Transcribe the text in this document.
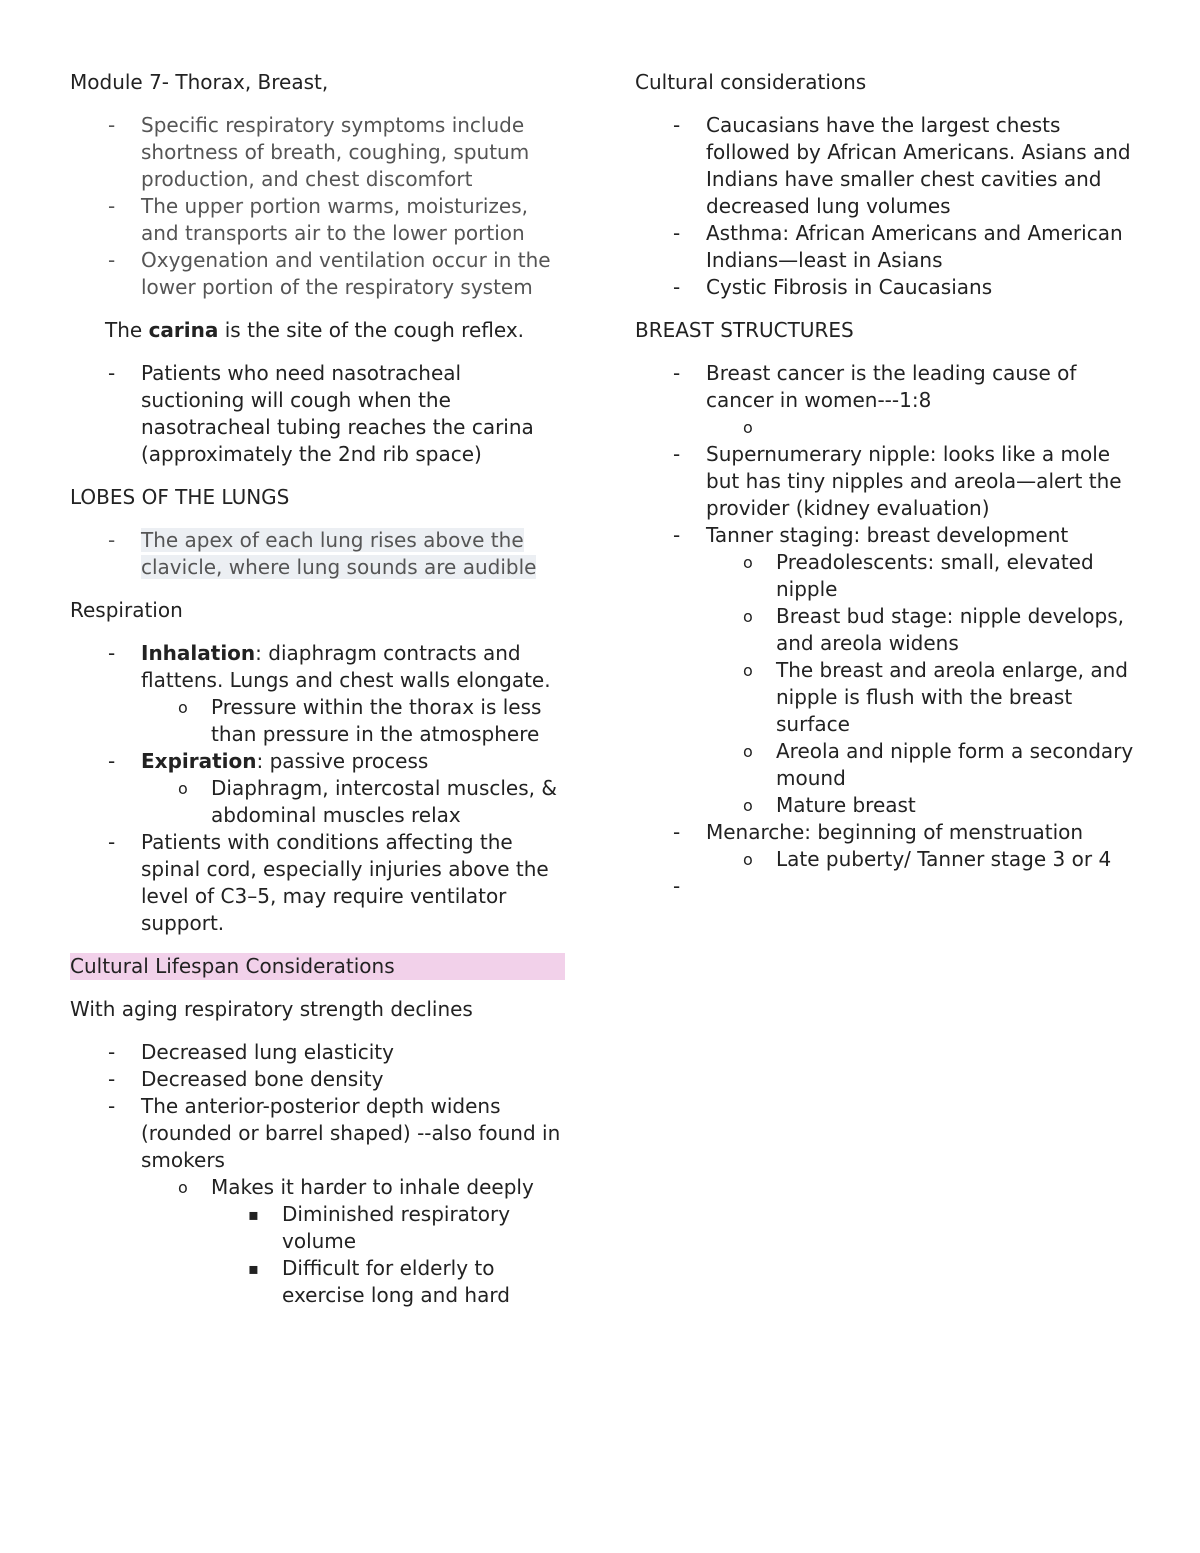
Module 7- Thorax, Breast,
- Specific respiratory symptoms include shortness of breath, coughing, sputum production, and chest discomfort
- The upper portion warms, moisturizes, and transports air to the lower portion
- Oxygenation and ventilation occur in the lower portion of the respiratory system

The carina is the site of the cough reflex.

- Patients who need nasotracheal suctioning will cough when the nasotracheal tubing reaches the carina (approximately the 2nd rib space)
LOBES OF THE LUNGS
- The apex of each lung rises above the clavicle, where lung sounds are audible
Respiration
- Inhalation: diaphragm contracts and flattens. Lungs and chest walls elongate.
o Pressure within the thorax is less than pressure in the atmosphere
- Expiration: passive process
o Diaphragm, intercostal muscles, & abdominal muscles relax
- Patients with conditions affecting the spinal cord, especially injuries above the level of C3–5, may require ventilator support.
Cultural Lifespan Considerations
With aging respiratory strength declines
- Decreased lung elasticity
- Decreased bone density
- The anterior-posterior depth widens (rounded or barrel shaped) --also found in smokers
o Makes it harder to inhale deeply
▪ Diminished respiratory volume
▪ Difficult for elderly to exercise long and hard
Cultural considerations
- Caucasians have the largest chests followed by African Americans. Asians and Indians have smaller chest cavities and decreased lung volumes
- Asthma: African Americans and American Indians—least in Asians
- Cystic Fibrosis in Caucasians
BREAST STRUCTURES
- Breast cancer is the leading cause of cancer in women---1:8
o

- Supernumerary nipple: looks like a mole but has tiny nipples and areola—alert the provider (kidney evaluation)
- Tanner staging: breast development
o Preadolescents: small, elevated nipple
o Breast bud stage: nipple develops, and areola widens
o The breast and areola enlarge, and nipple is flush with the breast surface
o Areola and nipple form a secondary mound
o Mature breast
- Menarche: beginning of menstruation
o Late puberty/ Tanner stage 3 or 4
-
